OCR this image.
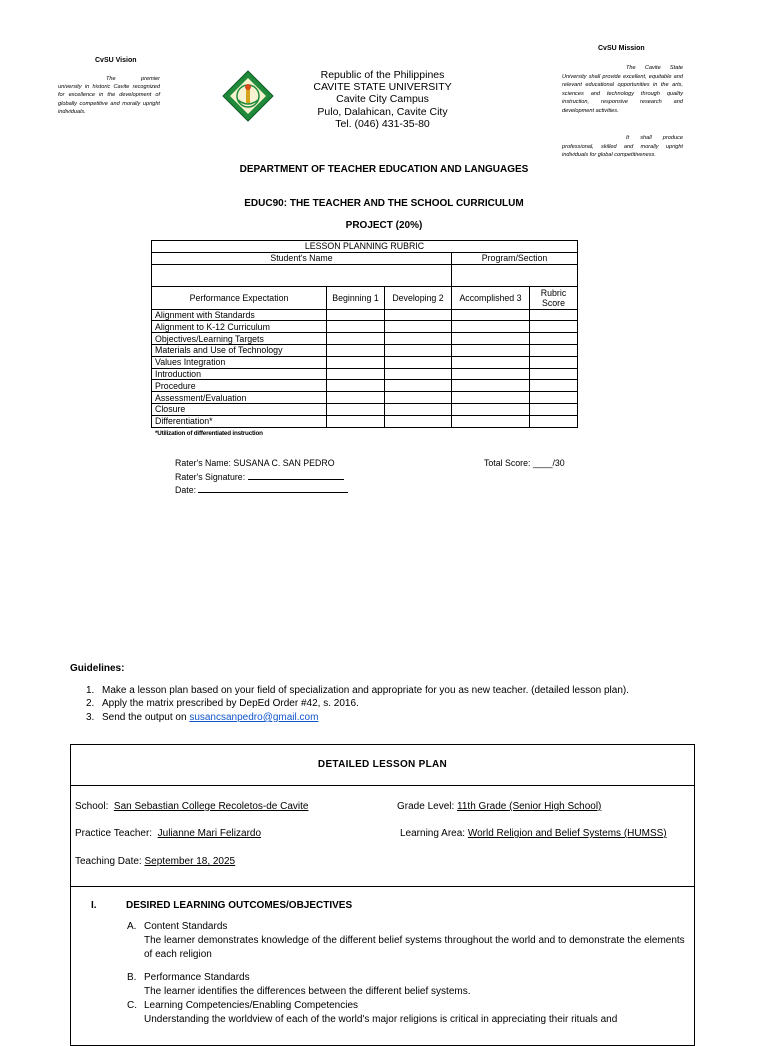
CvSU Vision
The premier university in historic Cavite recognized for excellence in the development of globally competitive and morally upright individuals.
CvSU Mission
The Cavite State University shall provide excellent, equitable and relevant educational opportunities in the arts, sciences and technology through quality instruction, responsive research and development activities.
It shall produce professional, skilled and morally upright individuals for global competitiveness.
Republic of the Philippines
CAVITE STATE UNIVERSITY
Cavite City Campus
Pulo, Dalahican, Cavite City
Tel. (046) 431-35-80
DEPARTMENT OF TEACHER EDUCATION AND LANGUAGES
EDUC90: THE TEACHER AND THE SCHOOL CURRICULUM
PROJECT (20%)
LESSON PLANNING RUBRIC				
Student's Name			Program/Section	

Performance Expectation	Beginning 1	Developing 2	Accomplished 3	Rubric Score
Alignment with Standards				
Alignment to K-12 Curriculum				
Objectives/Learning Targets				
Materials and Use of Technology				
Values Integration				
Introduction				
Procedure				
Assessment/Evaluation				
Closure				
Differentiation*				
*Utilization of differentiated instruction
Rater's Name: SUSANA C. SAN PEDRO
Rater's Signature:
Date:
Total Score: ____/30
Guidelines:
1. Make a lesson plan based on your field of specialization and appropriate for you as new teacher. (detailed lesson plan).
2. Apply the matrix prescribed by DepEd Order #42, s. 2016.
3. Send the output on susancsanpedro@gmail.com
DETAILED LESSON PLAN
School: San Sebastian College Recoletos-de Cavite	Grade Level: 11th Grade (Senior High School)
Practice Teacher: Julianne Mari Felizardo	Learning Area: World Religion and Belief Systems (HUMSS)
Teaching Date: September 18, 2025
I.	DESIRED LEARNING OUTCOMES/OBJECTIVES
A. Content Standards
The learner demonstrates knowledge of the different belief systems throughout the world and to demonstrate the elements of each religion
B. Performance Standards
The learner identifies the differences between the different belief systems.
C. Learning Competencies/Enabling Competencies
Understanding the worldview of each of the world's major religions is critical in appreciating their rituals and
